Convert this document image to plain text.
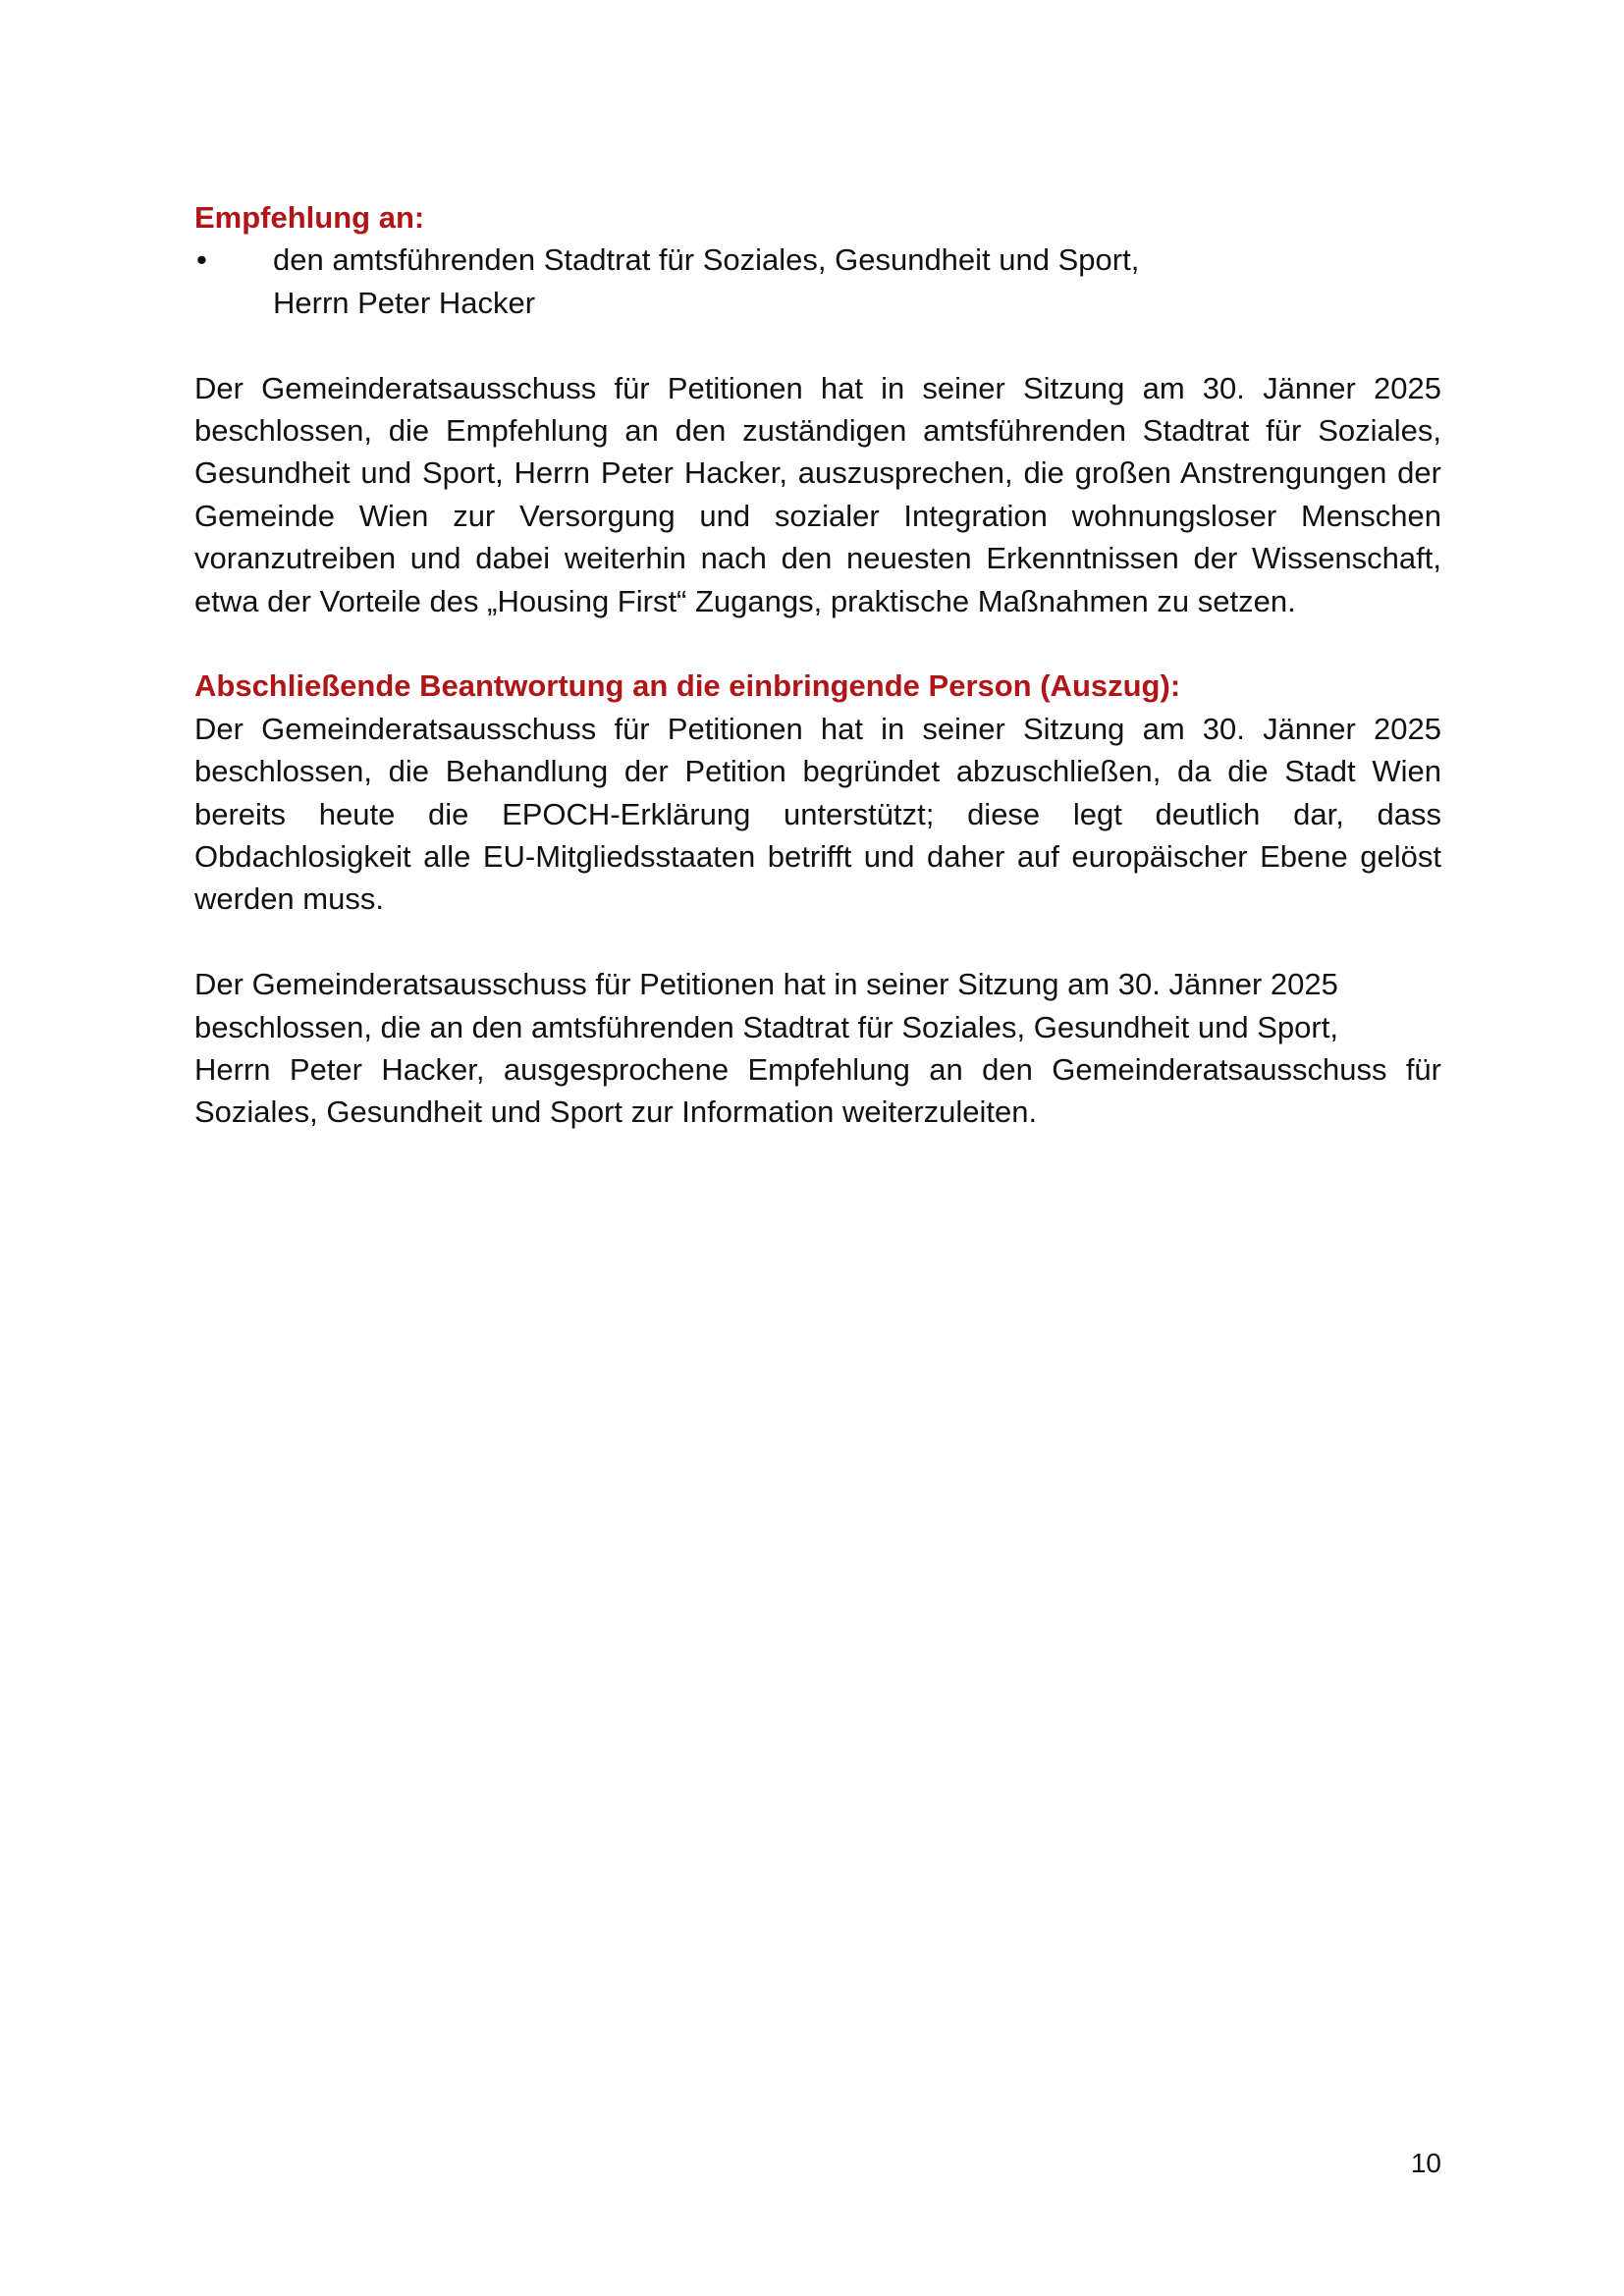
Empfehlung an:

• den amtsführenden Stadtrat für Soziales, Gesundheit und Sport,
Herrn Peter Hacker

Der Gemeinderatsausschuss für Petitionen hat in seiner Sitzung am 30. Jänner 2025 beschlossen, die Empfehlung an den zuständigen amtsführenden Stadtrat für Soziales, Gesundheit und Sport, Herrn Peter Hacker, auszusprechen, die großen Anstrengungen der Gemeinde Wien zur Versorgung und sozialer Integration wohnungsloser Menschen voranzutreiben und dabei weiterhin nach den neuesten Erkenntnissen der Wissenschaft, etwa der Vorteile des „Housing First“ Zugangs, praktische Maßnahmen zu setzen.

Abschließende Beantwortung an die einbringende Person (Auszug):

Der Gemeinderatsausschuss für Petitionen hat in seiner Sitzung am 30. Jänner 2025 beschlossen, die Behandlung der Petition begründet abzuschließen, da die Stadt Wien bereits heute die EPOCH-Erklärung unterstützt; diese legt deutlich dar, dass Obdachlosigkeit alle EU-Mitgliedsstaaten betrifft und daher auf europäischer Ebene gelöst werden muss.

Der Gemeinderatsausschuss für Petitionen hat in seiner Sitzung am 30. Jänner 2025 beschlossen, die an den amtsführenden Stadtrat für Soziales, Gesundheit und Sport,
Herrn Peter Hacker, ausgesprochene Empfehlung an den Gemeinderatsausschuss für Soziales, Gesundheit und Sport zur Information weiterzuleiten.

10
